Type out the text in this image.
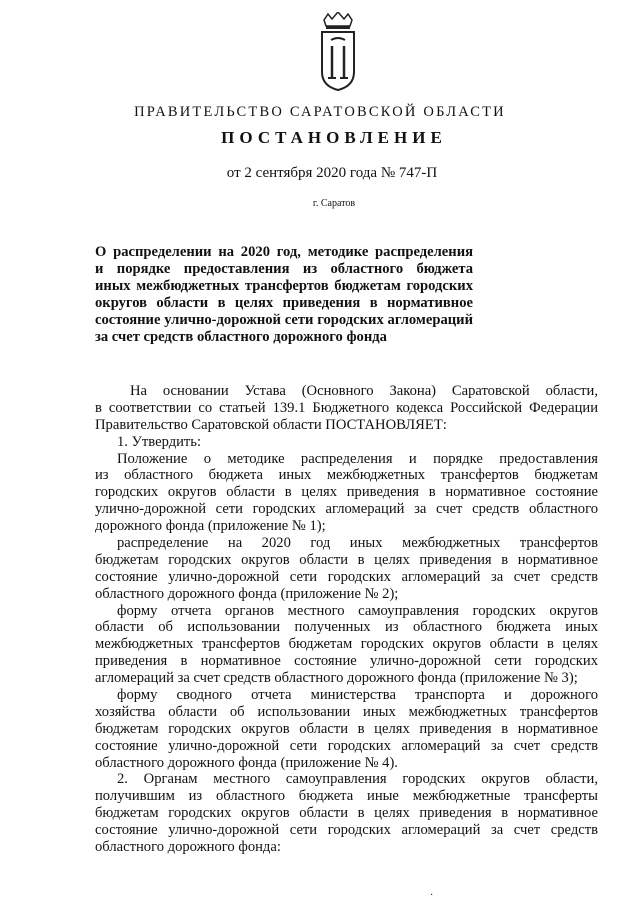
ПРАВИТЕЛЬСТВО САРАТОВСКОЙ ОБЛАСТИ
ПОСТАНОВЛЕНИЕ
от 2 сентября 2020 года № 747-П
г. Саратов
О распределении на 2020 год, методике распределения
и порядке предоставления из областного бюджета
иных межбюджетных трансфертов бюджетам городских
округов области в целях приведения в нормативное
состояние улично-дорожной сети городских агломераций
за счет средств областного дорожного фонда
На основании Устава (Основного Закона) Саратовской области,
в соответствии со статьей 139.1 Бюджетного кодекса Российской Федерации
Правительство Саратовской области ПОСТАНОВЛЯЕТ:
1. Утвердить:
Положение о методике распределения и порядке предоставления
из областного бюджета иных межбюджетных трансфертов бюджетам
городских округов области в целях приведения в нормативное состояние
улично-дорожной сети городских агломераций за счет средств областного
дорожного фонда (приложение № 1);
распределение на 2020 год иных межбюджетных трансфертов
бюджетам городских округов области в целях приведения в нормативное
состояние улично-дорожной сети городских агломераций за счет средств
областного дорожного фонда (приложение № 2);
форму отчета органов местного самоуправления городских округов
области об использовании полученных из областного бюджета иных
межбюджетных трансфертов бюджетам городских округов области в целях
приведения в нормативное состояние улично-дорожной сети городских
агломераций за счет средств областного дорожного фонда (приложение № 3);
форму сводного отчета министерства транспорта и дорожного
хозяйства области об использовании иных межбюджетных трансфертов
бюджетам городских округов области в целях приведения в нормативное
состояние улично-дорожной сети городских агломераций за счет средств
областного дорожного фонда (приложение № 4).
2. Органам местного самоуправления городских округов области,
получившим из областного бюджета иные межбюджетные трансферты
бюджетам городских округов области в целях приведения в нормативное
состояние улично-дорожной сети городских агломераций за счет средств
областного дорожного фонда:
·
